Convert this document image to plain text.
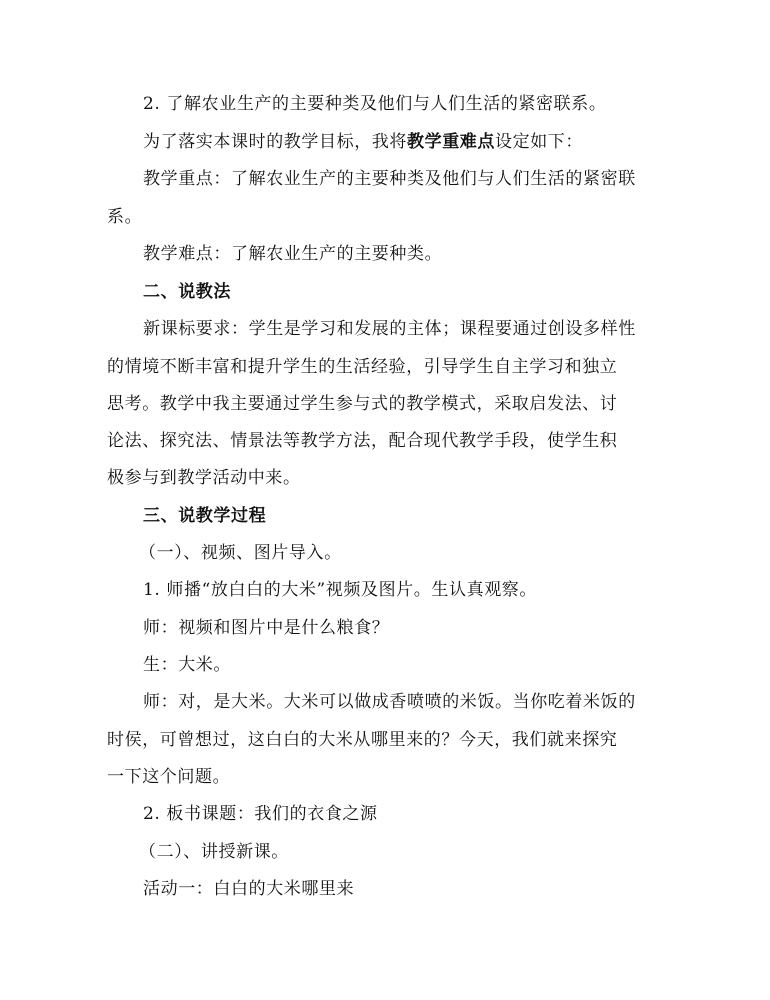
2. 了解农业生产的主要种类及他们与人们生活的紧密联系。
为了落实本课时的教学目标，我将教学重难点设定如下：
教学重点：了解农业生产的主要种类及他们与人们生活的紧密联
系。
教学难点：了解农业生产的主要种类。
二、说教法
新课标要求：学生是学习和发展的主体；课程要通过创设多样性
的情境不断丰富和提升学生的生活经验，引导学生自主学习和独立
思考。教学中我主要通过学生参与式的教学模式，采取启发法、讨
论法、探究法、情景法等教学方法，配合现代教学手段，使学生积
极参与到教学活动中来。
三、说教学过程
（一）、视频、图片导入。
1. 师播“放白白的大米”视频及图片。生认真观察。
师：视频和图片中是什么粮食？
生：大米。
师：对，是大米。大米可以做成香喷喷的米饭。当你吃着米饭的
时侯，可曾想过，这白白的大米从哪里来的？今天，我们就来探究
一下这个问题。
2. 板书课题：我们的衣食之源
（二）、讲授新课。
活动一：白白的大米哪里来
